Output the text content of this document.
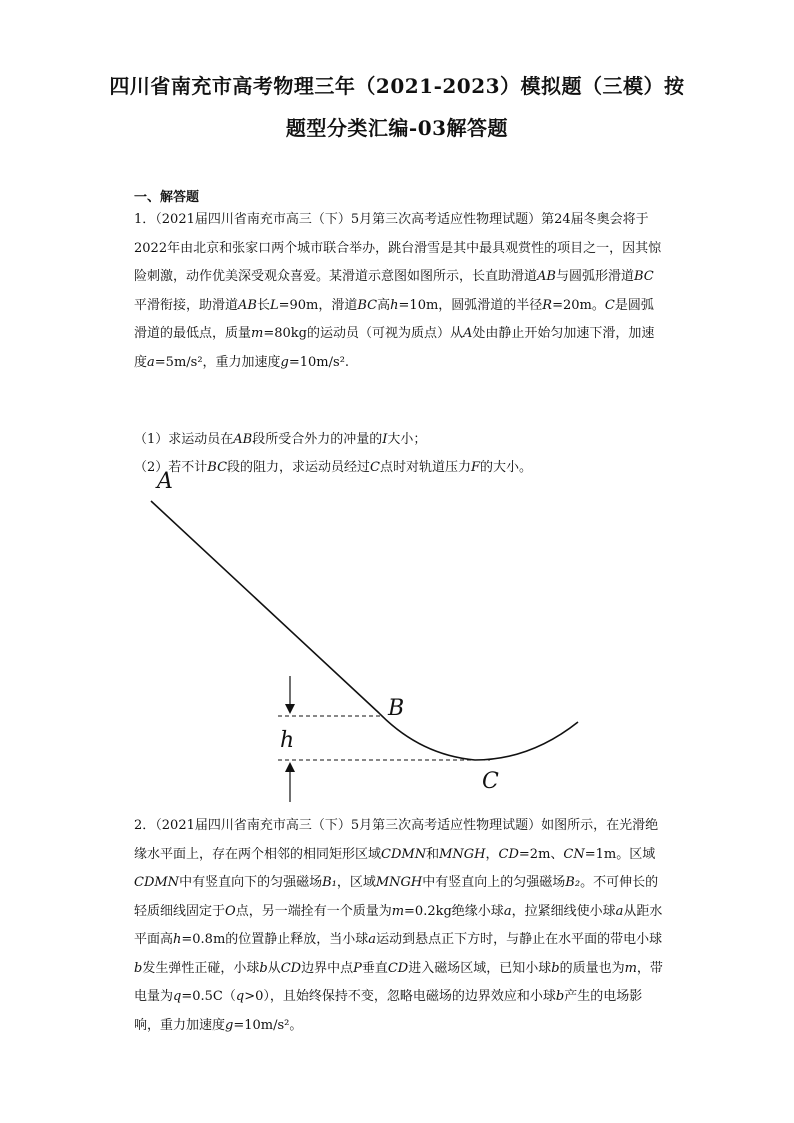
四川省南充市高考物理三年（2021-2023）模拟题（三模）按
题型分类汇编-03解答题
一、解答题

1．（2021届四川省南充市高三（下）5月第三次高考适应性物理试题）第24届冬奥会将于2022年由北京和张家口两个城市联合举办，跳台滑雪是其中最具观赏性的项目之一，因其惊险刺激，动作优美深受观众喜爱。某滑道示意图如图所示，长直助滑道AB与圆弧形滑道BC平滑衔接，助滑道AB长L=90m，滑道BC高h=10m，圆弧滑道的半径R=20m。C是圆弧滑道的最低点，质量m=80kg的运动员（可视为质点）从A处由静止开始匀加速下滑，加速度a=5m/s²，重力加速度g=10m/s².

（1）求运动员在AB段所受合外力的冲量的I大小；
（2）若不计BC段的阻力，求运动员经过C点时对轨道压力F的大小。
A
B
h
C

2．（2021届四川省南充市高三（下）5月第三次高考适应性物理试题）如图所示，在光滑绝缘水平面上，存在两个相邻的相同矩形区域CDMN和MNGH，CD=2m、CN=1m。区域CDMN中有竖直向下的匀强磁场B₁，区域MNGH中有竖直向上的匀强磁场B₂。不可伸长的轻质细线固定于O点，另一端拴有一个质量为m=0.2kg绝缘小球a，拉紧细线使小球a从距水平面高h=0.8m的位置静止释放，当小球a运动到悬点正下方时，与静止在水平面的带电小球b发生弹性正碰，小球b从CD边界中点P垂直CD进入磁场区域，已知小球b的质量也为m，带电量为q=0.5C（q>0），且始终保持不变，忽略电磁场的边界效应和小球b产生的电场影响，重力加速度g=10m/s²。
